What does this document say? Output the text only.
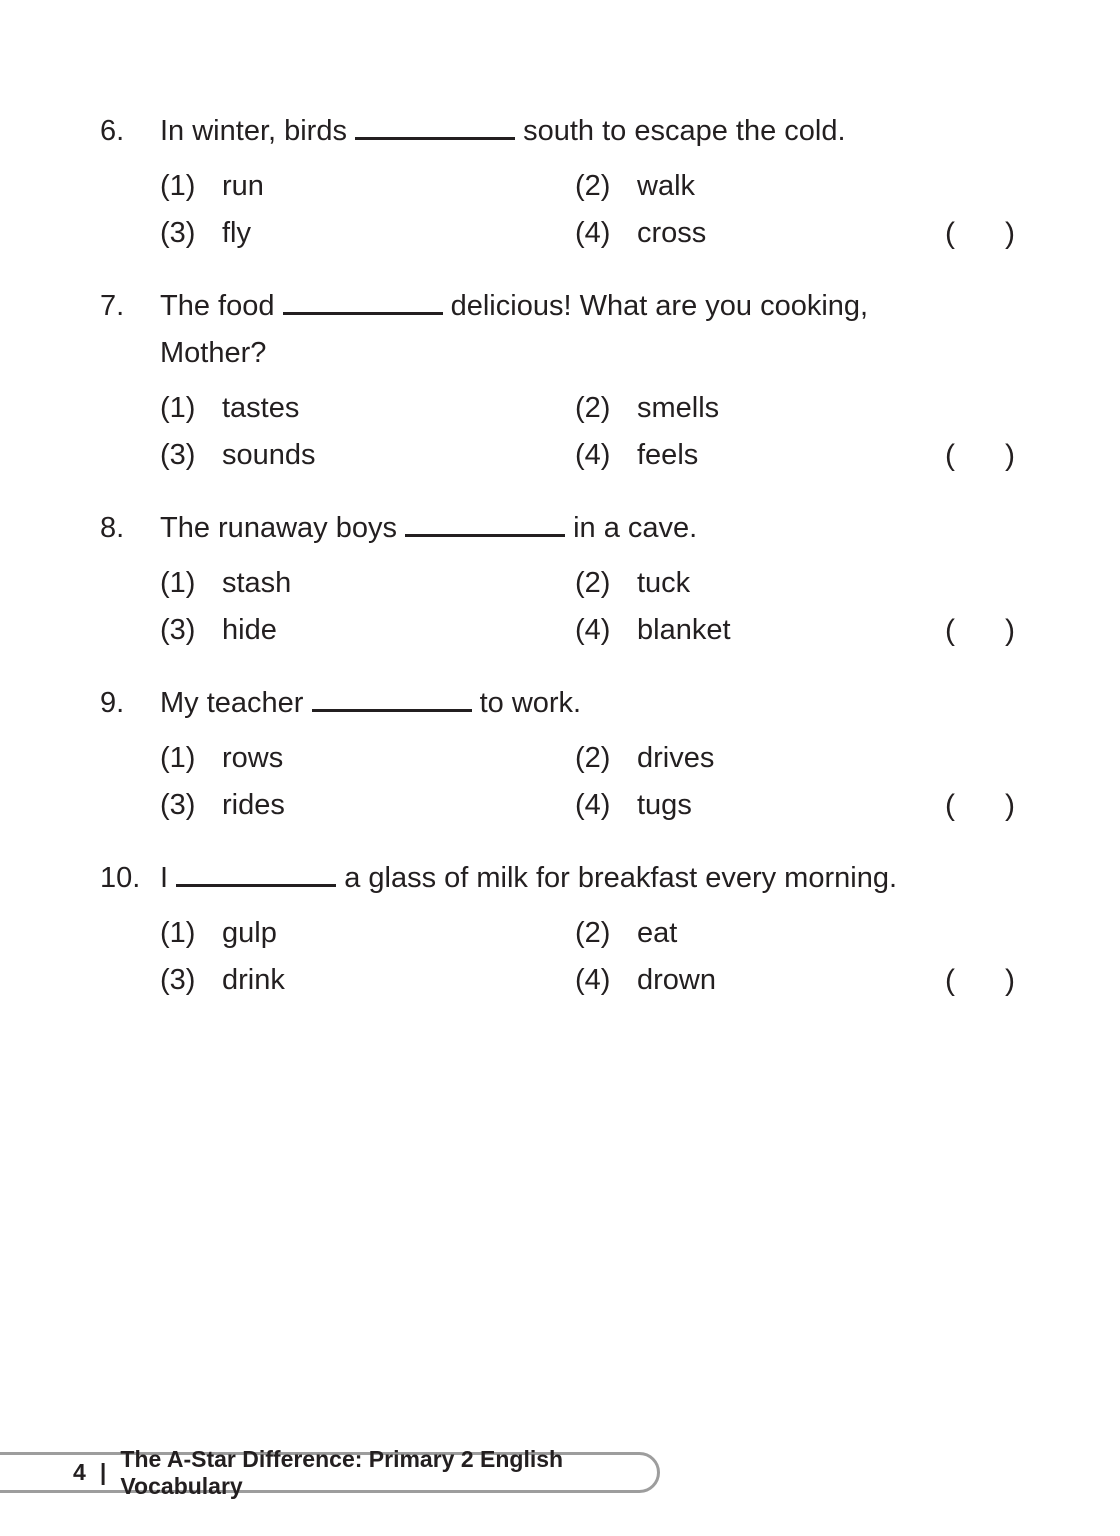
6.	In winter, birds	south to escape the cold.
(1) run	(2) walk
(3) fly	(4) cross	( )
7.	The food	delicious! What are you cooking,
Mother?
(1) tastes	(2) smells
(3) sounds	(4) feels	( )
8.	The runaway boys	in a cave.
(1) stash	(2) tuck
(3) hide	(4) blanket	( )
9.	My teacher	to work.
(1) rows	(2) drives
(3) rides	(4) tugs	( )
10. I	a glass of milk for breakfast every morning.
(1) gulp	(2) eat
(3) drink	(4) drown	( )
4 |
The A-Star Difference: Primary 2 English Vocabulary
